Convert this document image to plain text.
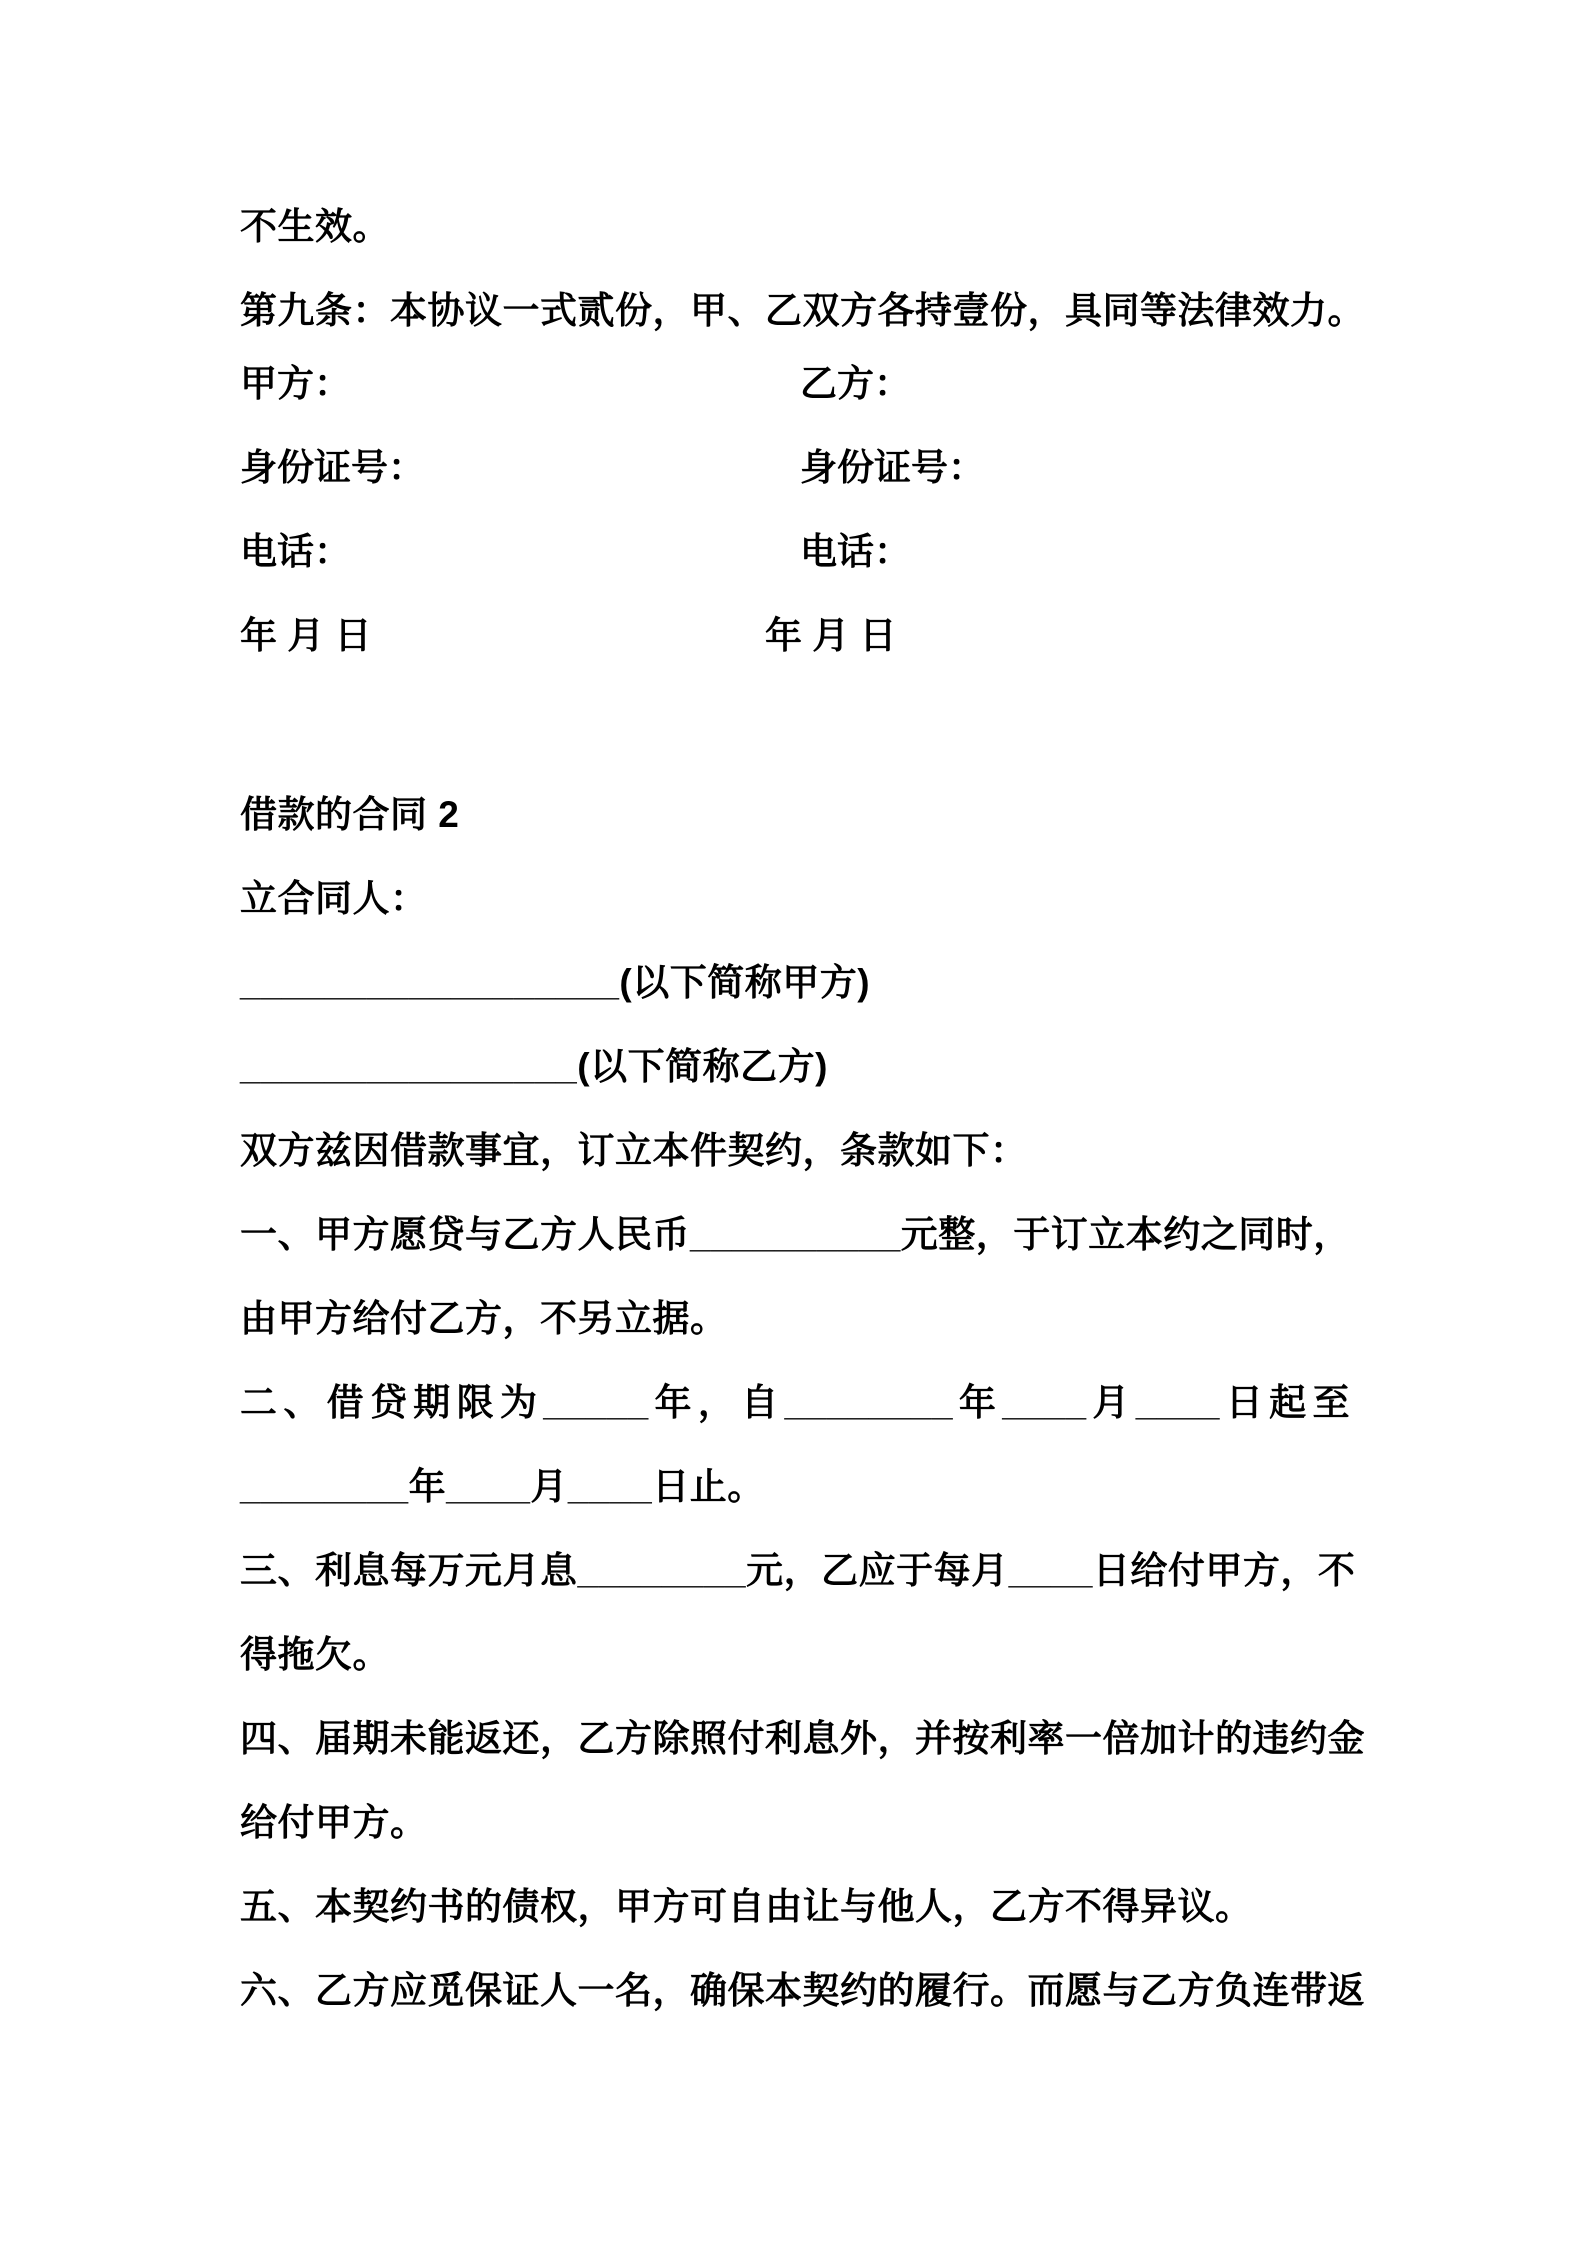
不生效。
第九条：本协议一式贰份，甲、乙双方各持壹份，具同等法律效力。
甲方：	乙方：
身份证号：	身份证号：
电话：	电话：
年 月 日	年 月 日
借款的合同 2
立合同人：
__________________(以下简称甲方)
________________(以下简称乙方)
双方兹因借款事宜，订立本件契约，条款如下：
一、甲方愿贷与乙方人民币__________元整，于订立本约之同时，
由甲方给付乙方，不另立据。
二、借贷期限为_____年，自________年____月____日起至
________年____月____日止。
三、利息每万元月息________元，乙应于每月____日给付甲方，不
得拖欠。
四、届期未能返还，乙方除照付利息外，并按利率一倍加计的违约金
给付甲方。
五、本契约书的债权，甲方可自由让与他人，乙方不得异议。
六、乙方应觅保证人一名，确保本契约的履行。而愿与乙方负连带返
